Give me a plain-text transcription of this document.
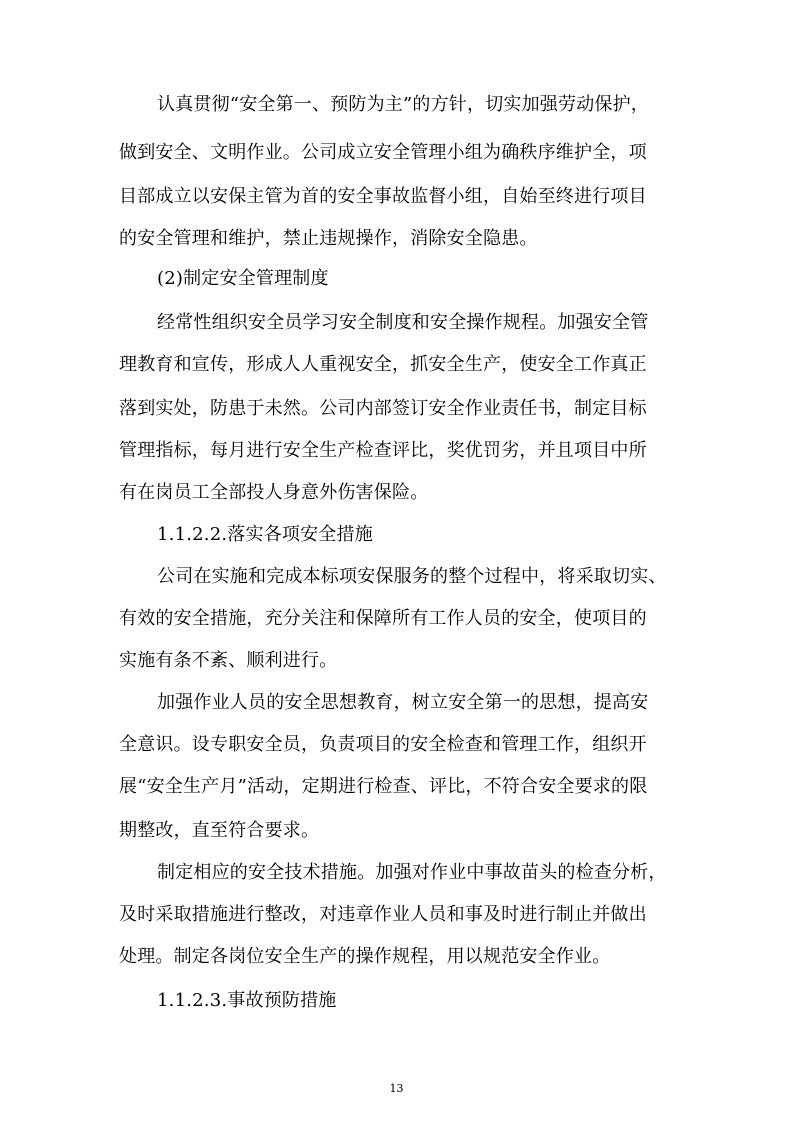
认真贯彻“安全第一、预防为主”的方针，切实加强劳动保护，
做到安全、文明作业。公司成立安全管理小组为确秩序维护全，项
目部成立以安保主管为首的安全事故监督小组，自始至终进行项目
的安全管理和维护，禁止违规操作，消除安全隐患。
(2)制定安全管理制度
经常性组织安全员学习安全制度和安全操作规程。加强安全管
理教育和宣传，形成人人重视安全，抓安全生产，使安全工作真正
落到实处，防患于未然。公司内部签订安全作业责任书，制定目标
管理指标，每月进行安全生产检查评比，奖优罚劣，并且项目中所
有在岗员工全部投人身意外伤害保险。
1.1.2.2.落实各项安全措施
公司在实施和完成本标项安保服务的整个过程中，将采取切实、
有效的安全措施，充分关注和保障所有工作人员的安全，使项目的
实施有条不紊、顺利进行。
加强作业人员的安全思想教育，树立安全第一的思想，提高安
全意识。设专职安全员，负责项目的安全检查和管理工作，组织开
展“安全生产月”活动，定期进行检查、评比，不符合安全要求的限
期整改，直至符合要求。
制定相应的安全技术措施。加强对作业中事故苗头的检查分析，
及时采取措施进行整改，对违章作业人员和事及时进行制止并做出
处理。制定各岗位安全生产的操作规程，用以规范安全作业。
1.1.2.3.事故预防措施
13
